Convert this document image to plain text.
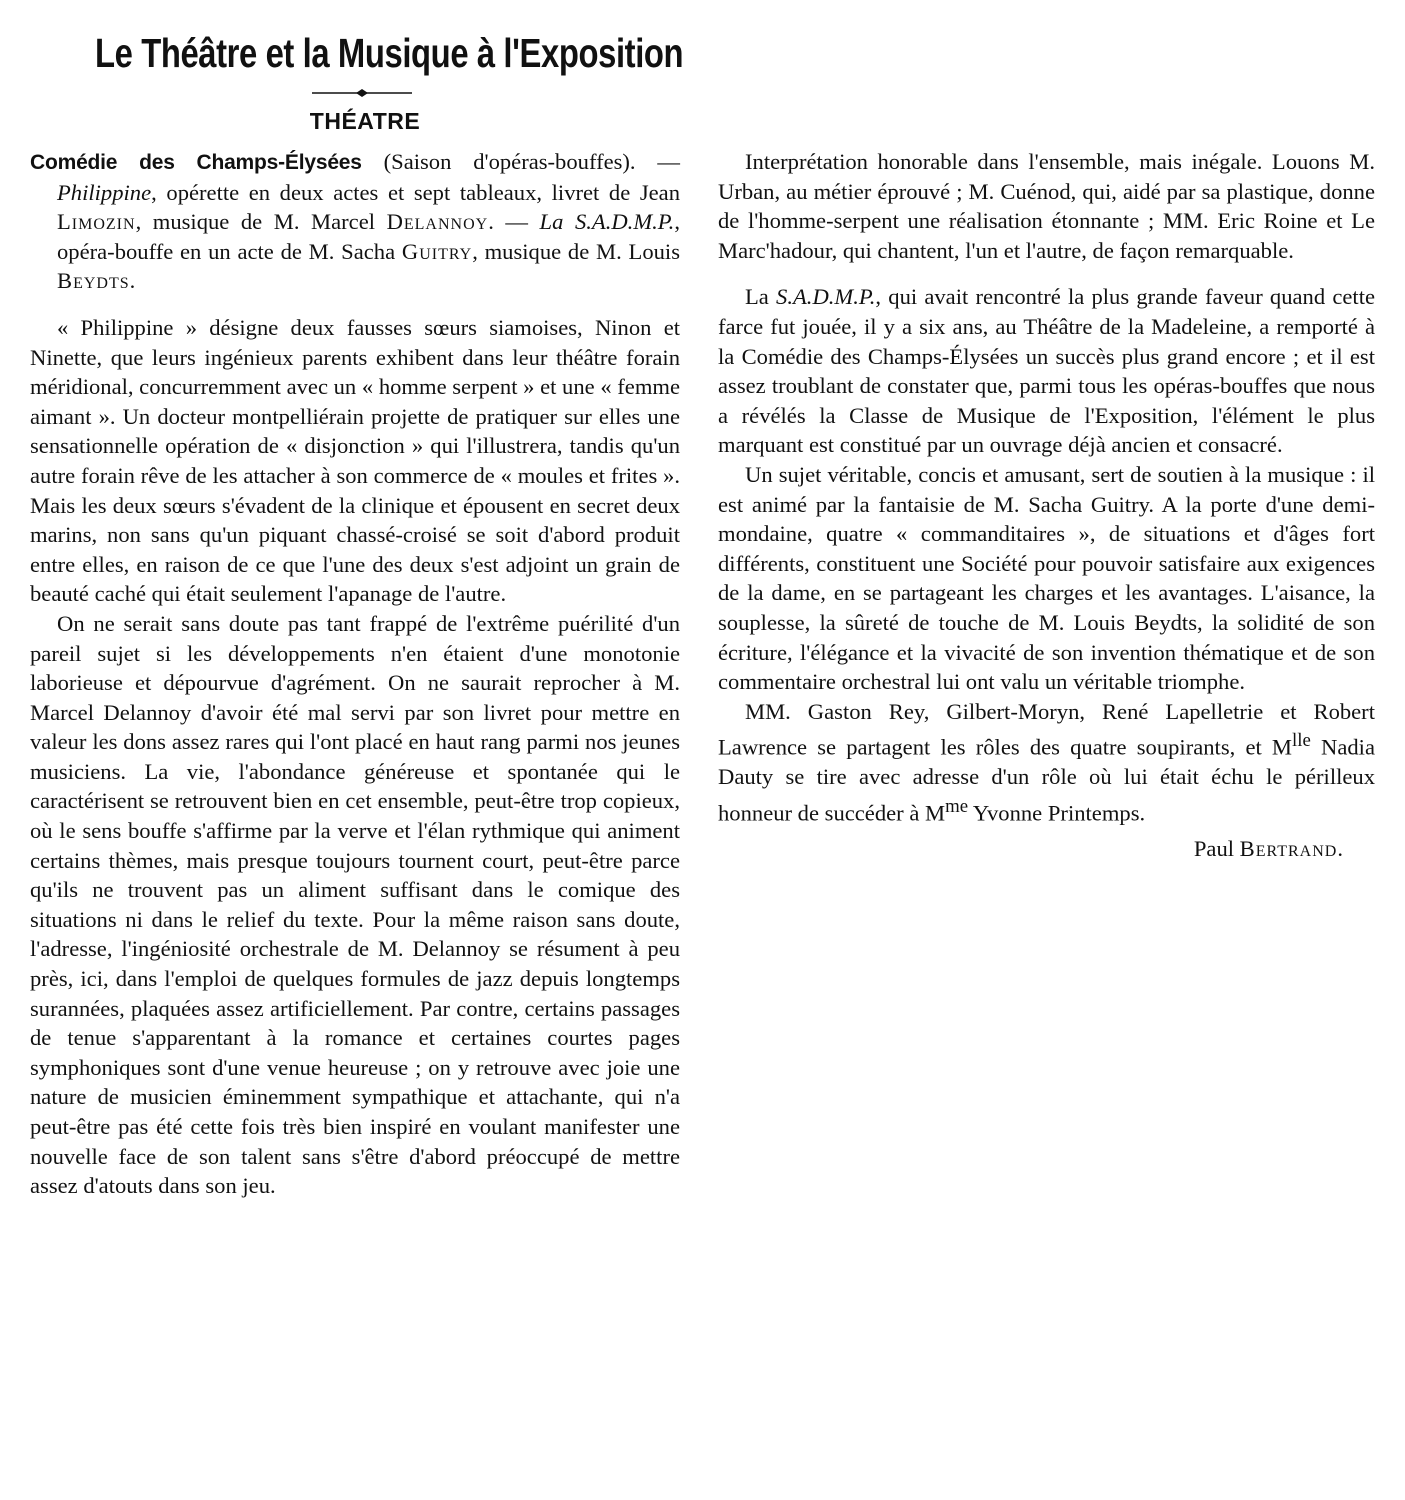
Le Théâtre et la Musique à l'Exposition
THÉATRE

Comédie des Champs-Élysées (Saison d'opéras-bouffes). — Philippine, opérette en deux actes et sept tableaux, livret de Jean Limozin, musique de M. Marcel Delannoy. — La S.A.D.M.P., opéra-bouffe en un acte de M. Sacha Guitry, musique de M. Louis Beydts.

« Philippine » désigne deux fausses sœurs siamoises, Ninon et Ninette, que leurs ingénieux parents exhibent dans leur théâtre forain méridional, concurremment avec un « homme serpent » et une « femme aimant ». Un docteur montpelliérain projette de pratiquer sur elles une sensationnelle opération de « disjonction » qui l'illustrera, tandis qu'un autre forain rêve de les attacher à son commerce de « moules et frites ». Mais les deux sœurs s'évadent de la clinique et épousent en secret deux marins, non sans qu'un piquant chassé-croisé se soit d'abord produit entre elles, en raison de ce que l'une des deux s'est adjoint un grain de beauté caché qui était seulement l'apanage de l'autre.

On ne serait sans doute pas tant frappé de l'extrême puérilité d'un pareil sujet si les développements n'en étaient d'une monotonie laborieuse et dépourvue d'agrément. On ne saurait reprocher à M. Marcel Delannoy d'avoir été mal servi par son livret pour mettre en valeur les dons assez rares qui l'ont placé en haut rang parmi nos jeunes musiciens. La vie, l'abondance généreuse et spontanée qui le caractérisent se retrouvent bien en cet ensemble, peut-être trop copieux, où le sens bouffe s'affirme par la verve et l'élan rythmique qui animent certains thèmes, mais presque toujours tournent court, peut-être parce qu'ils ne trouvent pas un aliment suffisant dans le comique des situations ni dans le relief du texte. Pour la même raison sans doute, l'adresse, l'ingéniosité orchestrale de M. Delannoy se résument à peu près, ici, dans l'emploi de quelques formules de jazz depuis longtemps surannées, plaquées assez artificiellement. Par contre, certains passages de tenue s'apparentant à la romance et certaines courtes pages symphoniques sont d'une venue heureuse ; on y retrouve avec joie une nature de musicien éminemment sympathique et attachante, qui n'a peut-être pas été cette fois très bien inspiré en voulant manifester une nouvelle face de son talent sans s'être d'abord préoccupé de mettre assez d'atouts dans son jeu.

Interprétation honorable dans l'ensemble, mais inégale. Louons M. Urban, au métier éprouvé ; M. Cuénod, qui, aidé par sa plastique, donne de l'homme-serpent une réalisation étonnante ; MM. Eric Roine et Le Marc'hadour, qui chantent, l'un et l'autre, de façon remarquable.

La S.A.D.M.P., qui avait rencontré la plus grande faveur quand cette farce fut jouée, il y a six ans, au Théâtre de la Madeleine, a remporté à la Comédie des Champs-Élysées un succès plus grand encore ; et il est assez troublant de constater que, parmi tous les opéras-bouffes que nous a révélés la Classe de Musique de l'Exposition, l'élément le plus marquant est constitué par un ouvrage déjà ancien et consacré.

Un sujet véritable, concis et amusant, sert de soutien à la musique : il est animé par la fantaisie de M. Sacha Guitry. A la porte d'une demi-mondaine, quatre « commanditaires », de situations et d'âges fort différents, constituent une Société pour pouvoir satisfaire aux exigences de la dame, en se partageant les charges et les avantages. L'aisance, la souplesse, la sûreté de touche de M. Louis Beydts, la solidité de son écriture, l'élégance et la vivacité de son invention thématique et de son commentaire orchestral lui ont valu un véritable triomphe.

MM. Gaston Rey, Gilbert-Moryn, René Lapelletrie et Robert Lawrence se partagent les rôles des quatre soupirants, et $M^{lle}$ Nadia Dauty se tire avec adresse d'un rôle où lui était échu le périlleux honneur de succéder à $M^{me}$ Yvonne Printemps.

Paul Bertrand.
